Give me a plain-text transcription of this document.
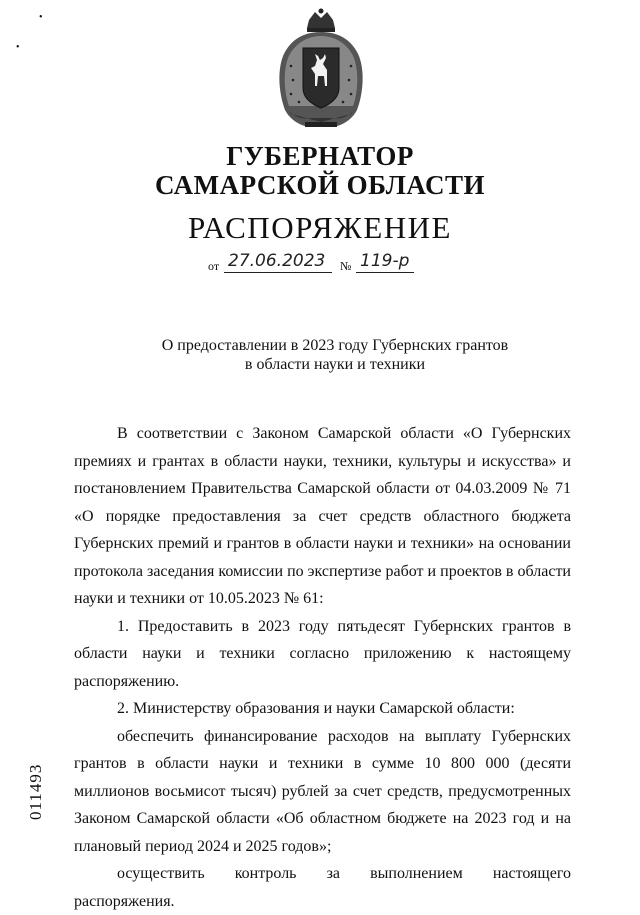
•
•
ГУБЕРНАТОР
САМАРСКОЙ ОБЛАСТИ
РАСПОРЯЖЕНИЕ
от 27.06.2023 № 119-р
О предоставлении в 2023 году Губернских грантов
в области науки и техники

В соответствии с Законом Самарской области «О Губернских премиях и грантах в области науки, техники, культуры и искусства» и постановлением Правительства Самарской области от 04.03.2009 № 71 «О порядке предоставления за счет средств областного бюджета Губернских премий и грантов в области науки и техники» на основании протокола заседания комиссии по экспертизе работ и проектов в области науки и техники от 10.05.2023 № 61:

1. Предоставить в 2023 году пятьдесят Губернских грантов в области науки и техники согласно приложению к настоящему распоряжению.

2. Министерству образования и науки Самарской области:

обеспечить финансирование расходов на выплату Губернских грантов в области науки и техники в сумме 10 800 000 (десяти миллионов восьмисот тысяч) рублей за счет средств, предусмотренных Законом Самарской области «Об областном бюджете на 2023 год и на плановый период 2024 и 2025 годов»;

осуществить контроль за выполнением настоящего распоряжения.

011493
